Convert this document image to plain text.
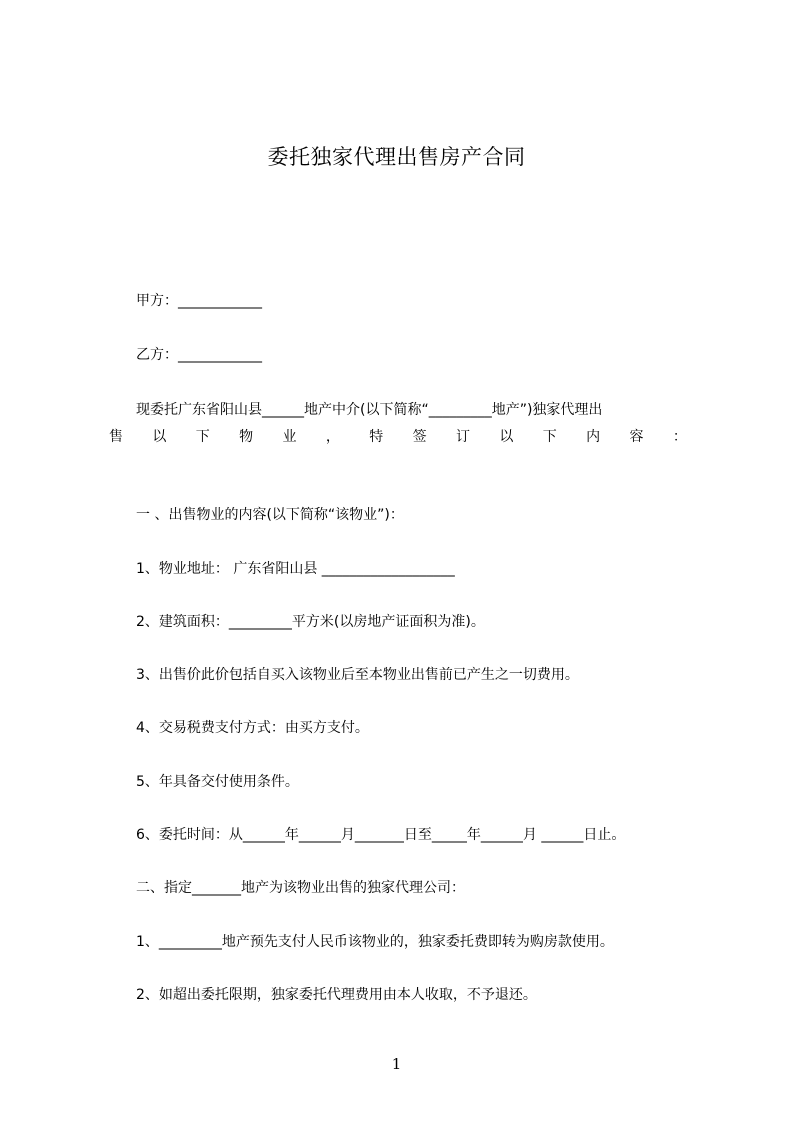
委托独家代理出售房产合同
甲方：____________
乙方：____________
现委托广东省阳山县______地产中介(以下简称“_________地产”)独家代理出
售 以 下 物 业 ， 特 签 订 以 下 内 容 ：
一 、出售物业的内容(以下简称“该物业”)：
1、物业地址： 广东省阳山县 ___________________
2、建筑面积：_________平方米(以房地产证面积为准)。
3、出售价此价包括自买入该物业后至本物业出售前已产生之一切费用。
4、交易税费支付方式：由买方支付。
5、年具备交付使用条件。
6、委托时间：从______年______月_______日至_____年______月 ______日止。
二、指定_______地产为该物业出售的独家代理公司：
1、_________地产预先支付人民币该物业的，独家委托费即转为购房款使用。
2、如超出委托限期，独家委托代理费用由本人收取，不予退还。
1
